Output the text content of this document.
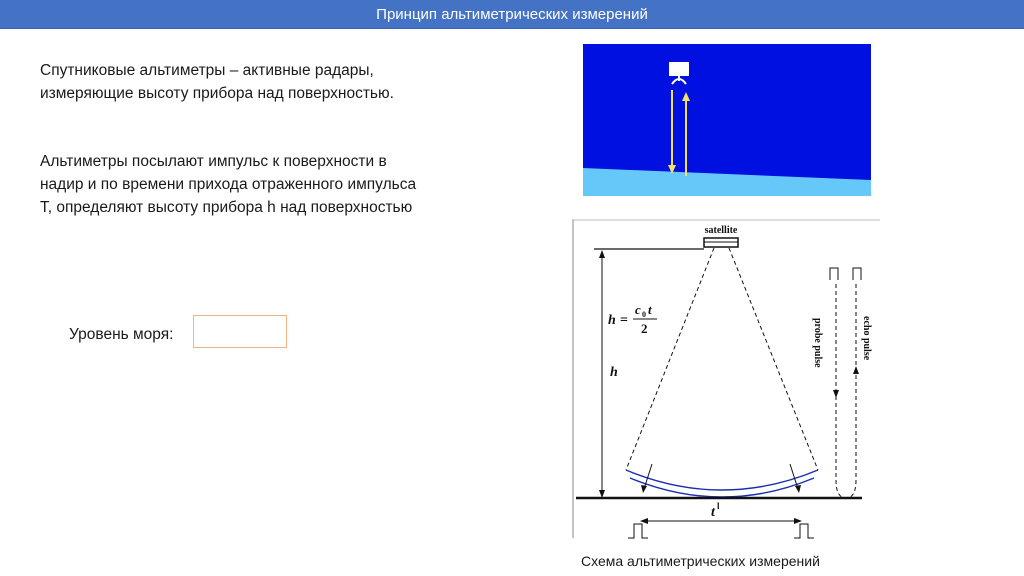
Принцип альтиметрических измерений

Спутниковые альтиметры – активные радары, измеряющие высоту прибора над поверхностью.

Альтиметры посылают импульс к поверхности в надир и по времени прихода отраженного импульса T, определяют высоту прибора h над поверхностью

Уровень моря:
satellite
h =
c 0 t
2
h
probe pulse	echo pulse
t l
Схема альтиметрических измерений
